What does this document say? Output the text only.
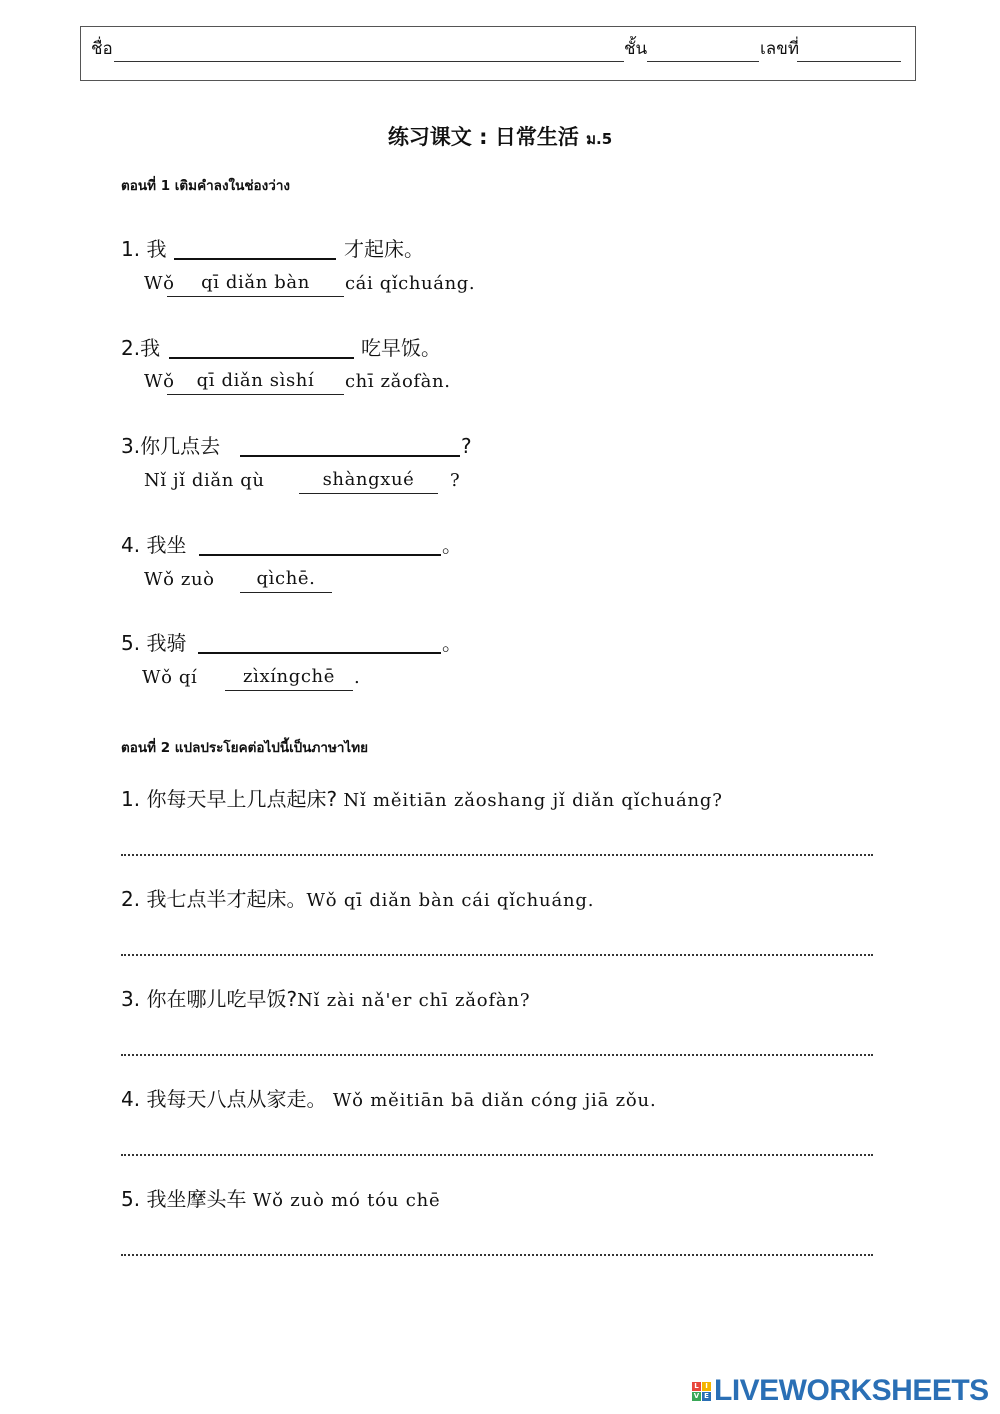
ชื่อ	ชั้น	เลขที่
练习课文 : 日常生活 ม.5
ตอนที่ 1 เติมคำลงในช่องว่าง
1. 我	才起床。
Wǒ	qī diǎn bàn	cái qǐchuáng.
2.我	吃早饭。
Wǒ	qī diǎn sìshí	chī zǎofàn.
3.你几点去	?
Nǐ jǐ diǎn qù	shàngxué	?
4. 我坐	。
Wǒ zuò	qìchē.
5. 我骑	。
Wǒ qí	zìxíngchē	.
ตอนที่ 2 แปลประโยคต่อไปนี้เป็นภาษาไทย
1. 你每天早上几点起床? Nǐ měitiān zǎoshang jǐ diǎn qǐchuáng?
2. 我七点半才起床。Wǒ qī diǎn bàn cái qǐchuáng.
3. 你在哪儿吃早饭?Nǐ zài nǎ'er chī zǎofàn?
4. 我每天八点从家走。 Wǒ měitiān bā diǎn cóng jiā zǒu.
5. 我坐摩头车 Wǒ zuò mó tóu chē
L I
V E LIVEWORKSHEETS
